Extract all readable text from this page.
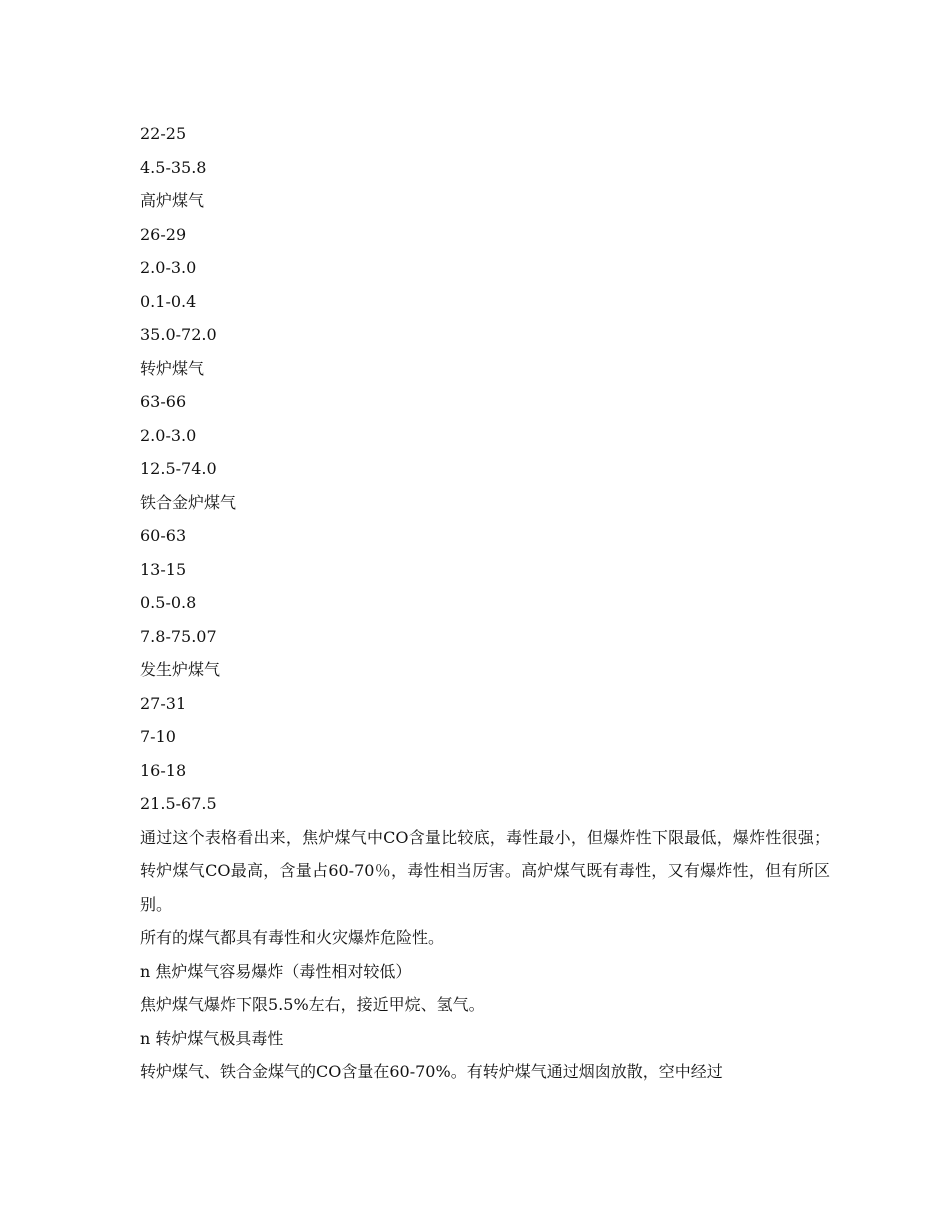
22-25
4.5-35.8
高炉煤气
26-29
2.0-3.0
0.1-0.4
35.0-72.0
转炉煤气
63-66
2.0-3.0
12.5-74.0
铁合金炉煤气
60-63
13-15
0.5-0.8
7.8-75.07
发生炉煤气
27-31
7-10
16-18
21.5-67.5

通过这个表格看出来，焦炉煤气中CO含量比较底，毒性最小，但爆炸性下限最低，爆炸性很强；转炉煤气CO最高，含量占60-70％，毒性相当厉害。高炉煤气既有毒性，又有爆炸性，但有所区别。

所有的煤气都具有毒性和火灾爆炸危险性。

n 焦炉煤气容易爆炸（毒性相对较低）

焦炉煤气爆炸下限5.5%左右，接近甲烷、氢气。

n 转炉煤气极具毒性

转炉煤气、铁合金煤气的CO含量在60-70%。有转炉煤气通过烟囱放散，空中经过
